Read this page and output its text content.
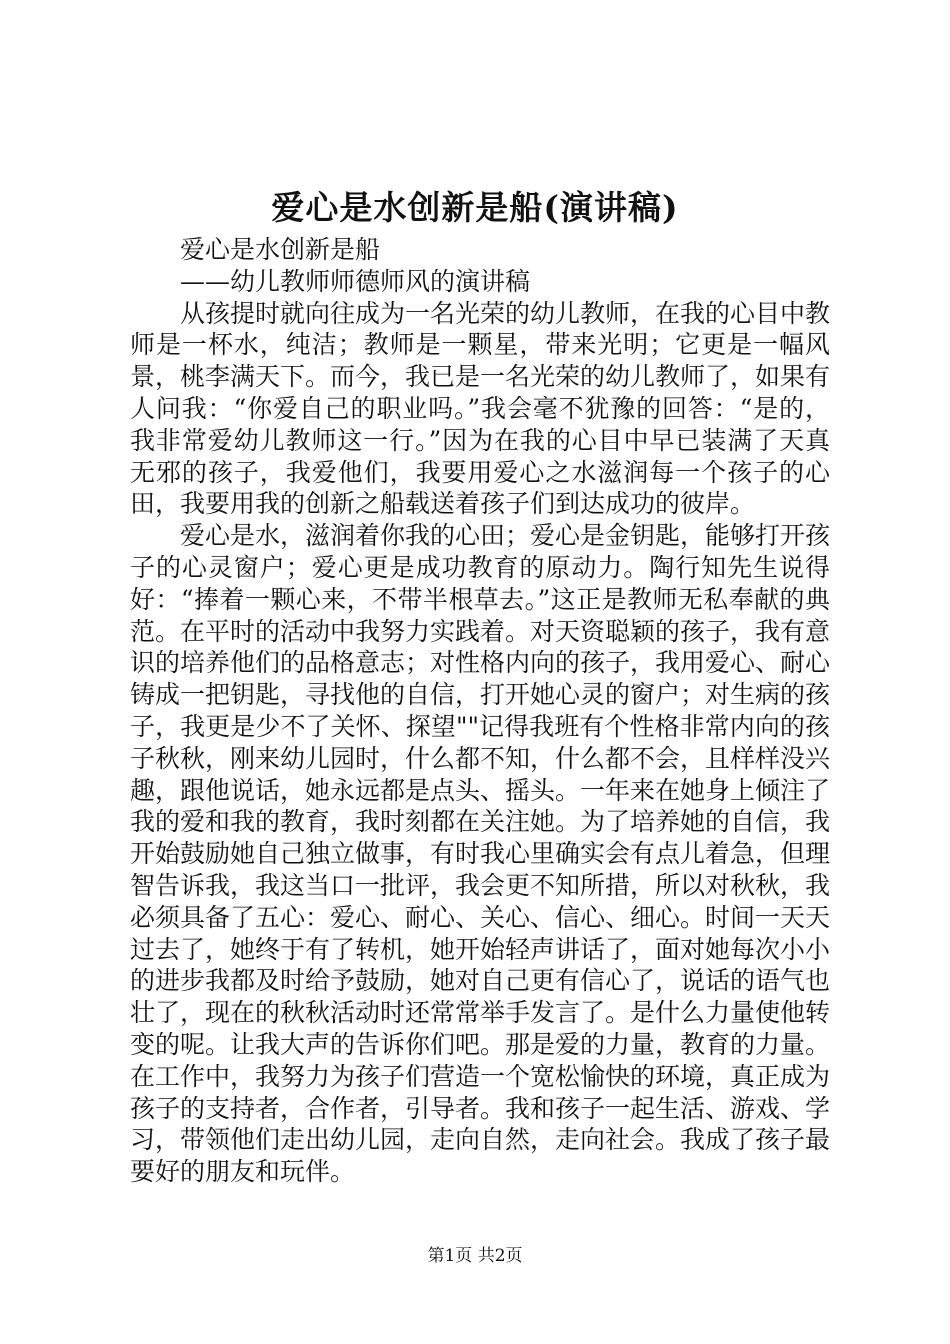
爱心是水创新是船(演讲稿)

爱心是水创新是船

——幼儿教师师德师风的演讲稿

从孩提时就向往成为一名光荣的幼儿教师，在我的心目中教师是一杯水，纯洁；教师是一颗星，带来光明；它更是一幅风景，桃李满天下。而今，我已是一名光荣的幼儿教师了，如果有人问我：“你爱自己的职业吗。”我会毫不犹豫的回答：“是的，我非常爱幼儿教师这一行。”因为在我的心目中早已装满了天真无邪的孩子，我爱他们，我要用爱心之水滋润每一个孩子的心田，我要用我的创新之船载送着孩子们到达成功的彼岸。

爱心是水，滋润着你我的心田；爱心是金钥匙，能够打开孩子的心灵窗户；爱心更是成功教育的原动力。陶行知先生说得好：“捧着一颗心来，不带半根草去。”这正是教师无私奉献的典范。在平时的活动中我努力实践着。对天资聪颖的孩子，我有意识的培养他们的品格意志；对性格内向的孩子，我用爱心、耐心铸成一把钥匙，寻找他的自信，打开她心灵的窗户；对生病的孩子，我更是少不了关怀、探望""记得我班有个性格非常内向的孩子秋秋，刚来幼儿园时，什么都不知，什么都不会，且样样没兴趣，跟他说话，她永远都是点头、摇头。一年来在她身上倾注了我的爱和我的教育，我时刻都在关注她。为了培养她的自信，我开始鼓励她自己独立做事，有时我心里确实会有点儿着急，但理智告诉我，我这当口一批评，我会更不知所措，所以对秋秋，我必须具备了五心：爱心、耐心、关心、信心、细心。时间一天天过去了，她终于有了转机，她开始轻声讲话了，面对她每次小小的进步我都及时给予鼓励，她对自己更有信心了，说话的语气也壮了，现在的秋秋活动时还常常举手发言了。是什么力量使他转变的呢。让我大声的告诉你们吧。那是爱的力量，教育的力量。在工作中，我努力为孩子们营造一个宽松愉快的环境，真正成为孩子的支持者，合作者，引导者。我和孩子一起生活、游戏、学习，带领他们走出幼儿园，走向自然，走向社会。我成了孩子最要好的朋友和玩伴。

第1页 共2页
